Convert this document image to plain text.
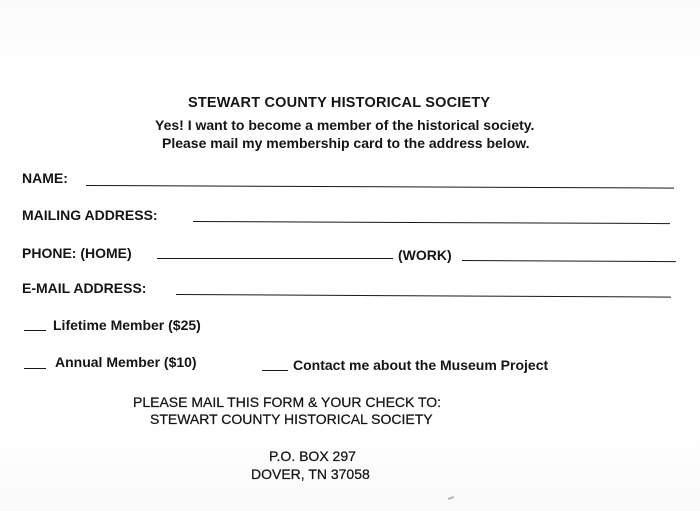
STEWART COUNTY HISTORICAL SOCIETY
Yes! I want to become a member of the historical society.
Please mail my membership card to the address below.
NAME:
MAILING ADDRESS:
PHONE: (HOME)	(WORK)
E-MAIL ADDRESS:
Lifetime Member ($25)
Annual Member ($10)	Contact me about the Museum Project
PLEASE MAIL THIS FORM & YOUR CHECK TO:
STEWART COUNTY HISTORICAL SOCIETY
P.O. BOX 297
DOVER, TN 37058
